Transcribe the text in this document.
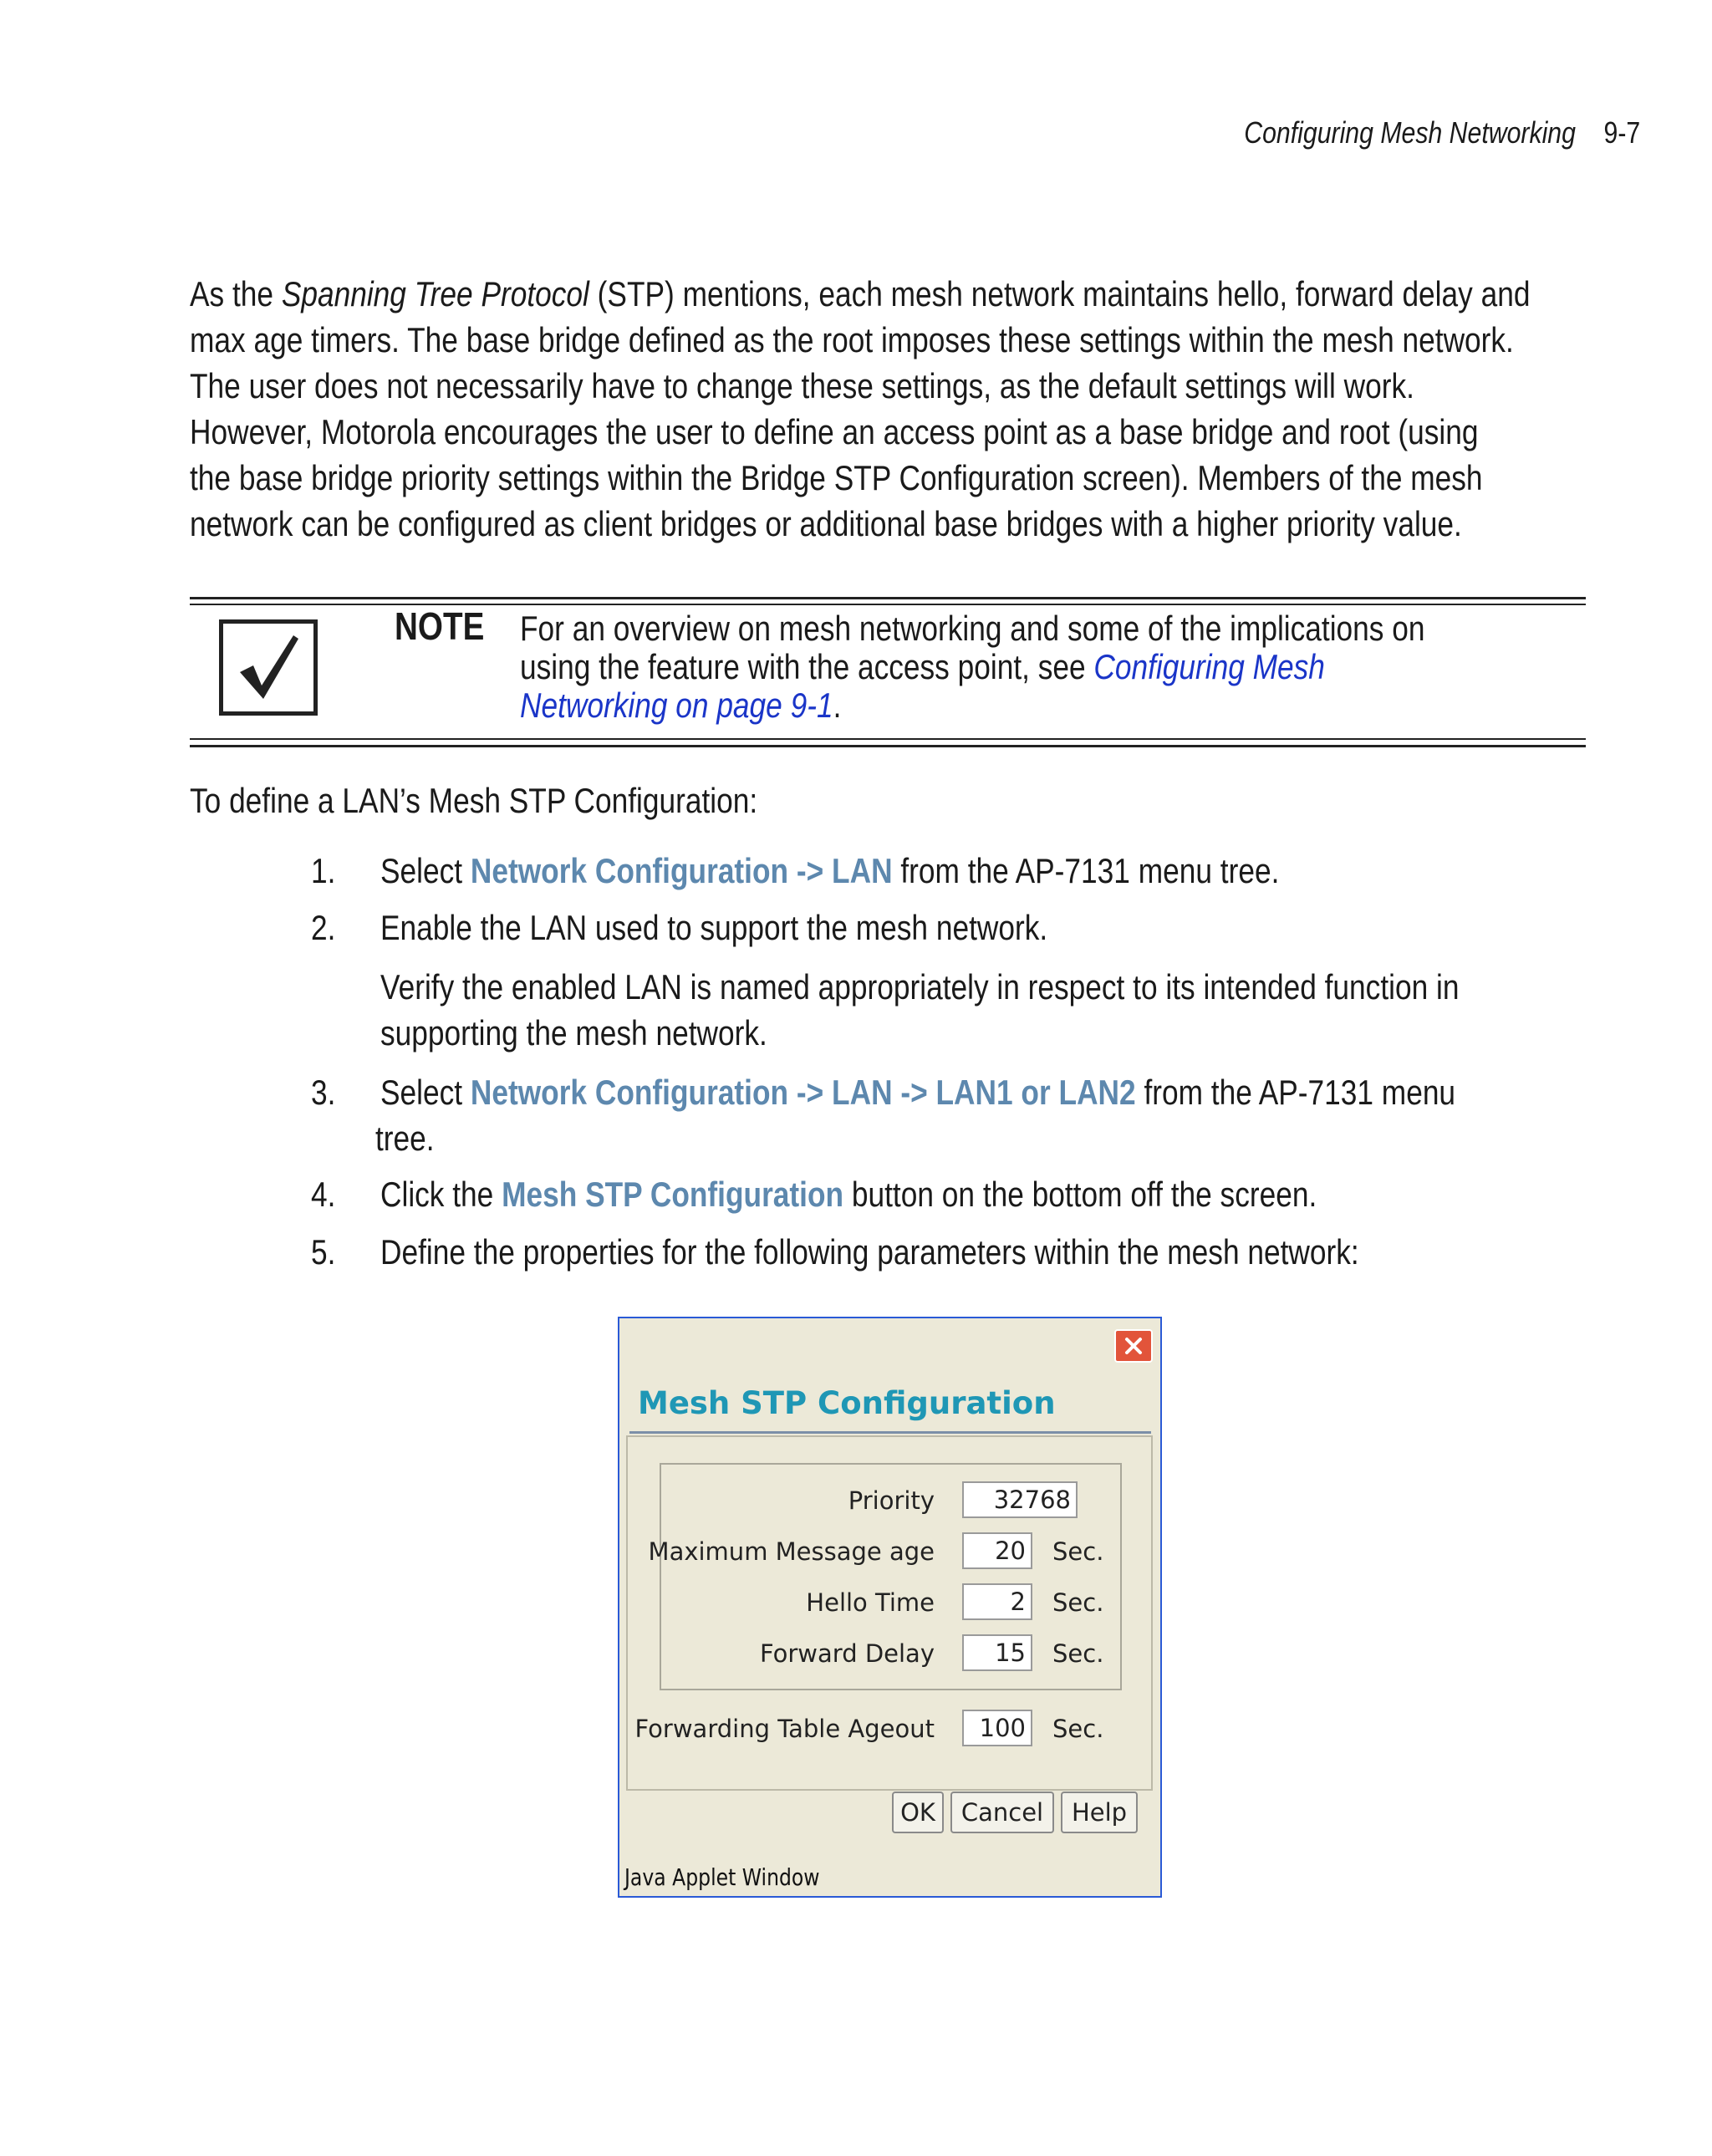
Configuring Mesh Networking 9-7
As the Spanning Tree Protocol (STP) mentions, each mesh network maintains hello, forward delay and
max age timers. The base bridge defined as the root imposes these settings within the mesh network.
The user does not necessarily have to change these settings, as the default settings will work.
However, Motorola encourages the user to define an access point as a base bridge and root (using
the base bridge priority settings within the Bridge STP Configuration screen). Members of the mesh
network can be configured as client bridges or additional base bridges with a higher priority value.
NOTE For an overview on mesh networking and some of the implications on
using the feature with the access point, see Configuring Mesh
Networking on page 9-1.
To define a LAN’s Mesh STP Configuration:
1. Select Network Configuration -> LAN from the AP-7131 menu tree.
2. Enable the LAN used to support the mesh network.
Verify the enabled LAN is named appropriately in respect to its intended function in
supporting the mesh network.
3. Select Network Configuration -> LAN -> LAN1 or LAN2 from the AP-7131 menu
tree.
4. Click the Mesh STP Configuration button on the bottom off the screen.
5. Define the properties for the following parameters within the mesh network:
Mesh STP Configuration
Priority	32768
Maximum Message age	20 Sec.
Hello Time	2 Sec.
Forward Delay	15 Sec.
Forwarding Table Ageout	100 Sec.
OK	Cancel	Help
Java Applet Window
